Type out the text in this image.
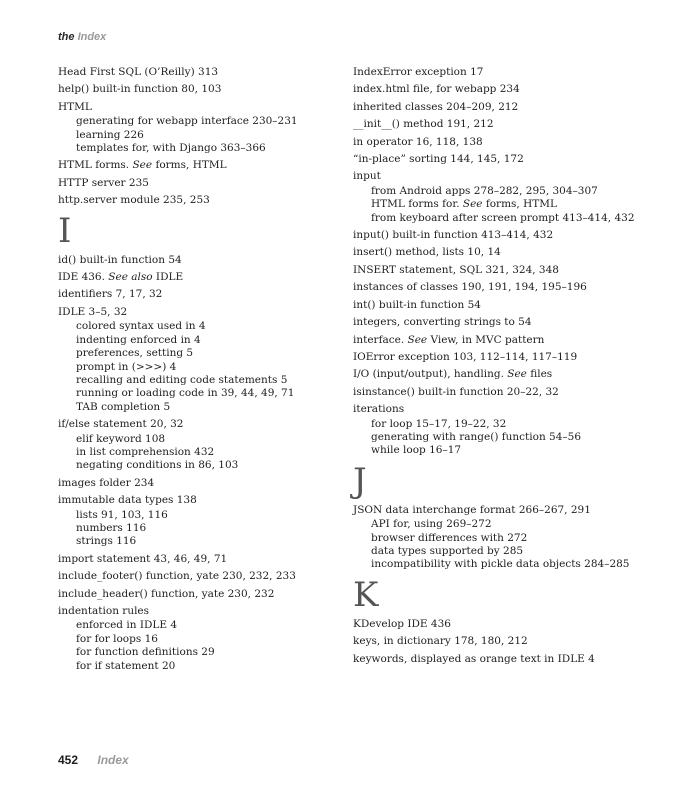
the Index
Head First SQL (O’Reilly) 313
help() built-in function 80, 103
HTML
generating for webapp interface 230–231
learning 226
templates for, with Django 363–366
HTML forms. See forms, HTML
HTTP server 235
http.server module 235, 253
I
id() built-in function 54
IDE 436. See also IDLE
identifiers 7, 17, 32
IDLE 3–5, 32
colored syntax used in 4
indenting enforced in 4
preferences, setting 5
prompt in (>>>) 4
recalling and editing code statements 5
running or loading code in 39, 44, 49, 71
TAB completion 5
if/else statement 20, 32
elif keyword 108
in list comprehension 432
negating conditions in 86, 103
images folder 234
immutable data types 138
lists 91, 103, 116
numbers 116
strings 116
import statement 43, 46, 49, 71
include_footer() function, yate 230, 232, 233
include_header() function, yate 230, 232
indentation rules
enforced in IDLE 4
for for loops 16
for function definitions 29
for if statement 20
IndexError exception 17
index.html file, for webapp 234
inherited classes 204–209, 212
__init__() method 191, 212
in operator 16, 118, 138
“in-place” sorting 144, 145, 172
input
from Android apps 278–282, 295, 304–307
HTML forms for. See forms, HTML
from keyboard after screen prompt 413–414, 432
input() built-in function 413–414, 432
insert() method, lists 10, 14
INSERT statement, SQL 321, 324, 348
instances of classes 190, 191, 194, 195–196
int() built-in function 54
integers, converting strings to 54
interface. See View, in MVC pattern
IOError exception 103, 112–114, 117–119
I/O (input/output), handling. See files
isinstance() built-in function 20–22, 32
iterations
for loop 15–17, 19–22, 32
generating with range() function 54–56
while loop 16–17
J
JSON data interchange format 266–267, 291
API for, using 269–272
browser differences with 272
data types supported by 285
incompatibility with pickle data objects 284–285
K
KDevelop IDE 436
keys, in dictionary 178, 180, 212
keywords, displayed as orange text in IDLE 4
452 Index
